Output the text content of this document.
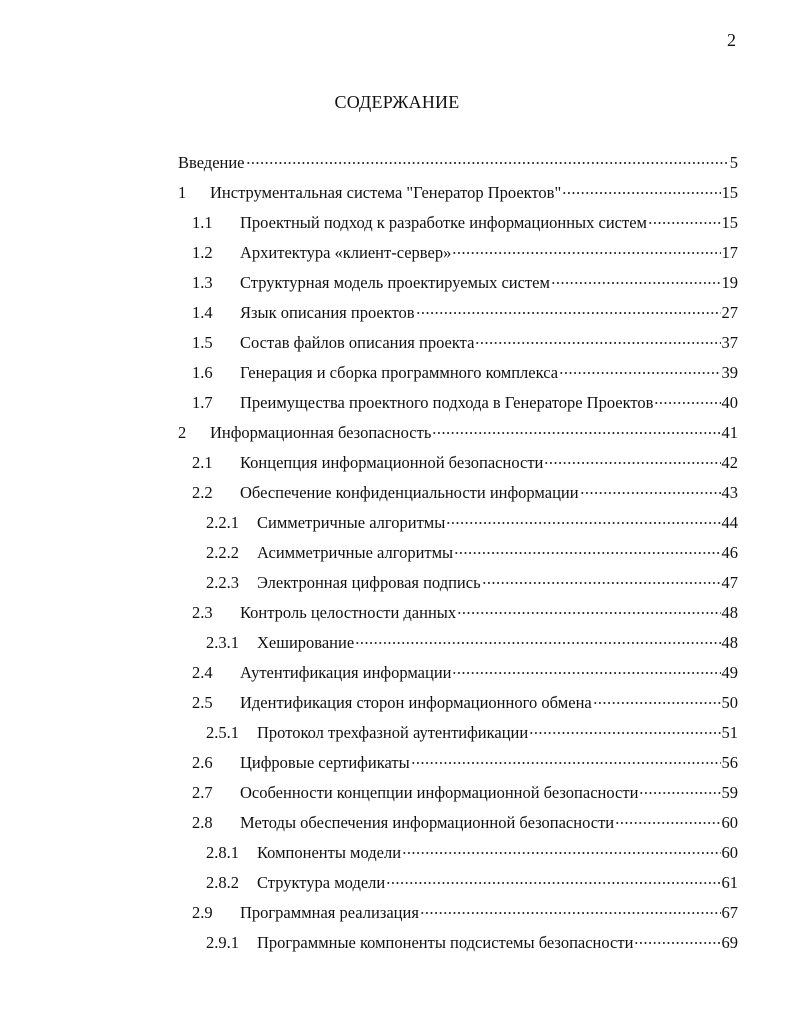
2
СОДЕРЖАНИЕ
Введение	5
1	Инструментальная система "Генератор Проектов"	15
1.1	Проектный подход к разработке информационных систем	15
1.2	Архитектура «клиент-сервер»	17
1.3	Структурная модель проектируемых систем	19
1.4	Язык описания проектов	27
1.5	Состав файлов описания проекта	37
1.6	Генерация и сборка программного комплекса	39
1.7	Преимущества проектного подхода в Генераторе Проектов	40
2	Информационная безопасность	41
2.1	Концепция информационной безопасности	42
2.2	Обеспечение конфиденциальности информации	43
2.2.1	Симметричные алгоритмы	44
2.2.2	Асимметричные алгоритмы	46
2.2.3	Электронная цифровая подпись	47
2.3	Контроль целостности данных	48
2.3.1	Хеширование	48
2.4	Аутентификация информации	49
2.5	Идентификация сторон информационного обмена	50
2.5.1	Протокол трехфазной аутентификации	51
2.6	Цифровые сертификаты	56
2.7	Особенности концепции информационной безопасности	59
2.8	Методы обеспечения информационной безопасности	60
2.8.1	Компоненты модели	60
2.8.2	Структура модели	61
2.9	Программная реализация	67
2.9.1	Программные компоненты подсистемы безопасности	69
